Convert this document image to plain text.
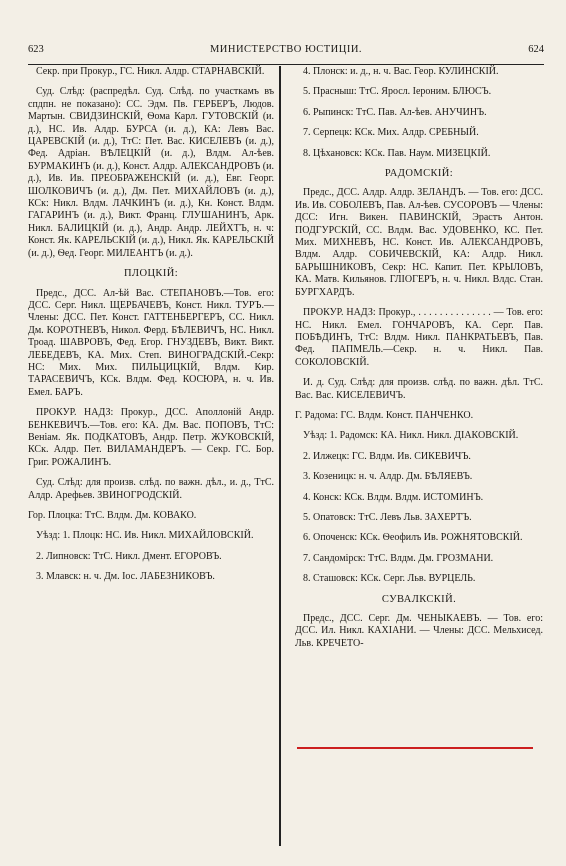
623	МИНИСТЕРСТВО ЮСТИЦІИ.	624

Секр. при Прокур., ГС. Никл. Алдр. СТАРНАВСКІЙ.

Суд. Слѣд: (распредѣл. Суд. Слѣд. по участкамъ въ спдпн. не показано): СС. Эдм. Пв. ГЕРБЕРЪ, Людов. Мартын. СВИДЗИНСКІЙ, Ѳома Карл. ГУТОВСКІЙ (и. д.), НС. Ив. Алдр. БУРСА (и. д.), КА: Левъ Вас. ЦАРЕВСКІЙ (и. д.), ТтС: Пет. Вас. КИСЕЛЕВЪ (и. д.), Фед. Адріан. ВѢЛЕЦКІЙ (и. д.), Влдм. Ал-ѣев. БУРМАКИНЪ (и. д.), Конст. Алдр. АЛЕКСАНДРОВЪ (и. д.), Ив. Ив. ПРЕОБРАЖЕНСКІЙ (и. д.), Евг. Георг. ШОЛКОВИЧЪ (и. д.), Дм. Пет. МИХАЙЛОВЪ (и. д.), КСк: Никл. Влдм. ЛАЧКИНЪ (и. д.), Кн. Конст. Влдм. ГАГАРИНЪ (и. д.), Викт. Франц. ГЛУШАНИНЪ, Арк. Никл. БАЛИЦКІЙ (и. д.), Андр. Андр. ЛЕЙХТЪ, н. ч: Конст. Як. КАРЕЛЬСКІЙ (и. д.), Никл. Як. КАРЕЛЬСКІЙ (и. д.), Ѳед. Георг. МИЛЕАНТЪ (и. д.).

ПЛОЦКІЙ:

Предс., ДСС. Ал-ѣй Вас. СТЕПАНОВЪ.—Тов. его: ДСС. Серг. Никл. ЩЕРБАЧЕВЪ, Конст. Никл. ТУРЪ.—Члены: ДСС. Пет. Конст. ГАТТЕНБЕРГЕРЪ, СС. Никл. Дм. КОРОТНЕВЪ, Никол. Ферд. БѢЛЕВИЧЪ, НС. Никл. Троад. ШАВРОВЪ, Фед. Егор. ГНУЗДЕВЪ, Викт. Викт. ЛЕБЕДЕВЪ, КА. Мих. Степ. ВИНОГРАДСКІЙ.-Секр: НС: Мих. Мих. ПИЛЬЦИЦКІЙ, Влдм. Кир. ТАРАСЕВИЧЪ, КСк. Влдм. Фед. КОСЮРА, н. ч. Ив. Емел. БАРЪ.

ПРОКУР. НАДЗ: Прокур., ДСС. Аполлоній Андр. БЕНКЕВИЧЪ.—Тов. его: КА. Дм. Вас. ПОПОВЪ, ТтС: Веніам. Як. ПОДКАТОВЪ, Андр. Петр. ЖУКОВСКІЙ, КСк. Алдр. Пет. ВИЛАМАНДЕРЪ. — Секр. ГС. Бор. Григ. РОЖАЛИНЪ.

Суд. Слѣд: для произв. слѣд. по важн. дѣл., и. д., ТтС. Алдр. Арефьев. ЗВИНОГРОДСКІЙ.

Гор. Плоцка: ТтС. Влдм. Дм. КОВАКО.

Уѣзд: 1. Плоцк: НС. Ив. Никл. МИХАЙЛОВСКІЙ.

2. Липновск: ТтС. Никл. Дмент. ЕГОРОВЪ.

3. Млавск: н. ч. Дм. Іос. ЛАБЕЗНИКОВЪ.

4. Плонск: и. д., н. ч. Вас. Геор. КУЛИНСКІЙ.

5. Прасныш: ТтС. Яросл. Іероним. БЛЮСЪ.

6. Рыпинск: ТтС. Пав. Ал-ѣев. АНУЧИНЪ.

7. Серпецк: КСк. Мих. Алдр. СРЕБНЫЙ.

8. Цѣхановск: КСк. Пав. Наум. МИЗЕЦКІЙ.

РАДОМСКІЙ:

Предс., ДСС. Алдр. Алдр. ЗЕЛАНДЪ. — Тов. его: ДСС. Ив. Ив. СОБОЛЕВЪ, Пав. Ал-ѣев. СУСОРОВЪ — Члены: ДСС: Игн. Викен. ПАВИНСКІЙ, Эрастъ Антон. ПОДГУРСКІЙ, СС. Влдм. Вас. УДОВЕНКО, КС. Пет. Мих. МИХНЕВЪ, НС. Конст. Ив. АЛЕКСАНДРОВЪ, Влдм. Алдр. СОБИЧЕВСКІЙ, КА: Алдр. Никл. БАРЫШНИКОВЪ, Секр: НС. Капит. Пет. КРЫЛОВЪ, КА. Матв. Кильянов. ГЛІОГЕРЪ, н. ч. Никл. Влдс. Стан. БУРГХАРДЪ.

ПРОКУР. НАДЗ: Прокур., . . . . . . . . . . . . . . — Тов. его: НС. Никл. Емел. ГОНЧАРОВЪ, КА. Серг. Пав. ПОБѢДИНЪ, ТтС: Влдм. Никл. ПАНКРАТЬЕВЪ, Пав. Фед. ПАПМЕЛЬ.—Секр. н. ч. Никл. Пав. СОКОЛОВСКІЙ.

И. д. Суд. Слѣд: для произв. слѣд. по важн. дѣл. ТтС. Вас. Вас. КИСЕЛЕВИЧЪ.

Г. Радома: ГС. Влдм. Конст. ПАНЧЕНКО.

Уѣзд: 1. Радомск: КА. Никл. Никл. ДІАКОВСКІЙ.

2. Илжецк: ГС. Влдм. Ив. СИКЕВИЧЪ.

3. Козеницк: н. ч. Алдр. Дм. БѢЛЯЕВЪ.

4. Конск: КСк. Влдм. Влдм. ИСТОМИНЪ.

5. Опатовск: ТтС. Левъ Льв. ЗАХЕРТЪ.

6. Опоченск: КСк. Ѳеофилъ Ив. РОЖНЯТОВСКІЙ.

7. Сандомірск: ТтС. Влдм. Дм. ГРОЗМАНИ.

8. Сташовск: КСк. Серг. Льв. ВУРЦЕЛЬ.

СУВАЛКСКІЙ.

Предс., ДСС. Серг. Дм. ЧЕНЫКАЕВЪ. — Тов. его: ДСС. Ил. Никл. КАХІАНИ. — Члены: ДСС. Мельхисед. Льв. КРЕЧЕТО-
